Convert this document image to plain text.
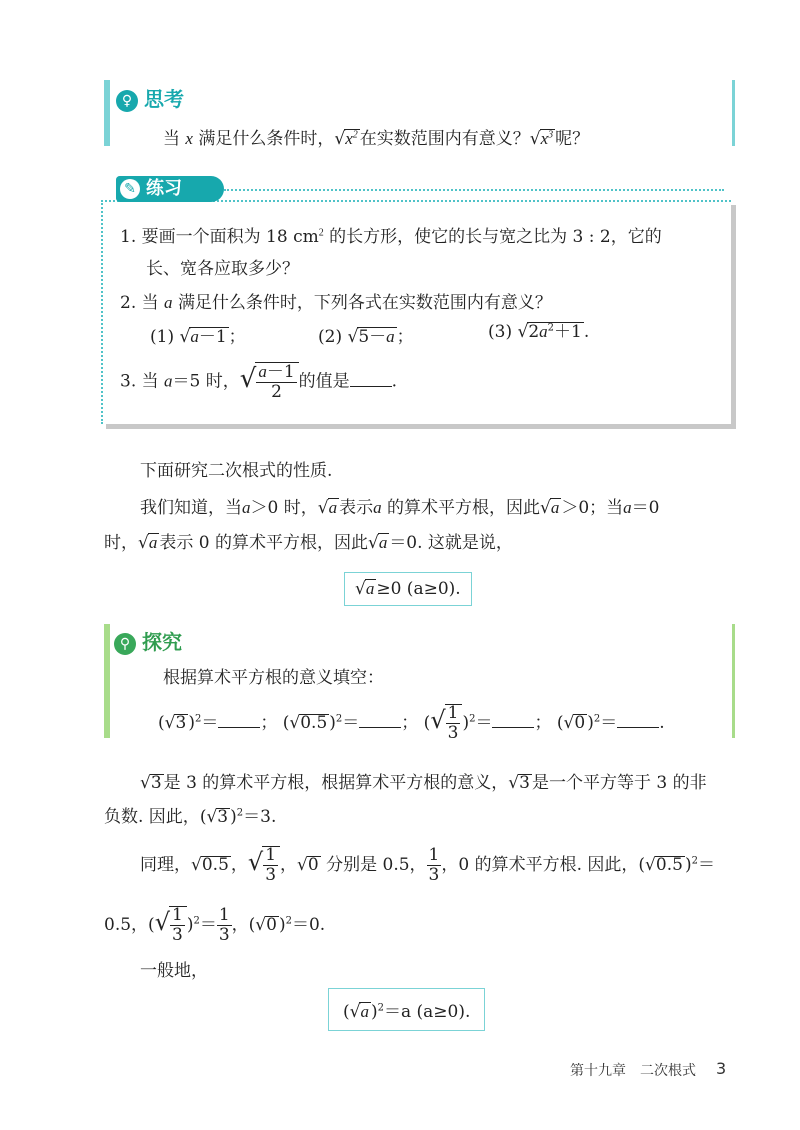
♀ 思考
当 x 满足什么条件时，$√x^2$ 在实数范围内有意义？$√x^3$ 呢？
✎ 练习
1. 要画一个面积为 18 $cm^2$ 的长方形，使它的长与宽之比为 3 : 2，它的
长、宽各应取多少？
2. 当 a 满足什么条件时，下列各式在实数范围内有意义？
(1) √a－1 ；	(2) √5－a ；	(3) $√2a^2+1$ .
3. 当 a＝5 时，√ $\frac{a-1}{2}$ 的值是 .
下面研究二次根式的性质.
我们知道，当a＞0 时，√a 表示a 的算术平方根，因此√a ＞0；当a＝0
时，√a 表示 0 的算术平方根，因此√a ＝0. 这就是说，
√a ≥0 (a≥0).
⚲ 探究
根据算术平方根的意义填空：
(√3 )$^2$＝ ； (√0.5 )$^2$＝ ； (√ $\frac{1}{3} )^2=$ ； (√0 )$^2$＝ .
√3 是 3 的算术平方根，根据算术平方根的意义，√3 是一个平方等于 3 的非
负数. 因此，(√3 )$^2$＝3.
同理，√0.5 ，√ $\frac{1}{3}$ ，√0 分别是 0.5， $\frac{1}{3}$ ，0 的算术平方根. 因此，(√0.5 )$^2$＝
0.5，(√ $\frac{1}{3} )^2= \frac{1}{3}$ ，(√0 )$^2$＝0.
一般地，
(√a )$^2$＝a (a≥0).
第十九章　二次根式 3
